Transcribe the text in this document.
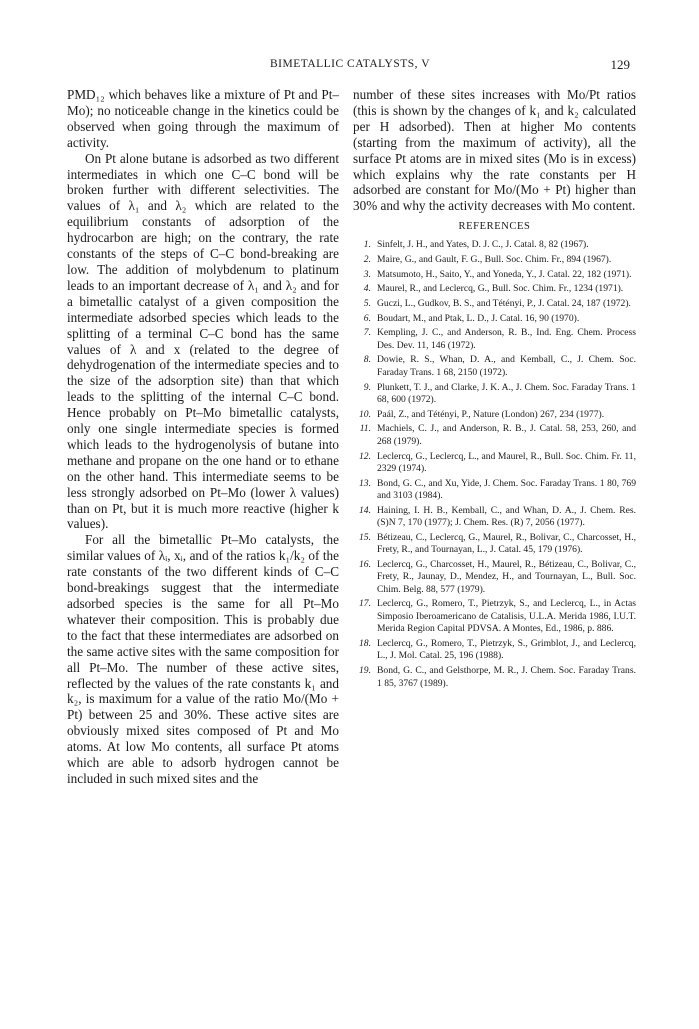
BIMETALLIC CATALYSTS, V	129

PMD₁₂ which behaves like a mixture of Pt and Pt–Mo); no noticeable change in the kinetics could be observed when going through the maximum of activity.

On Pt alone butane is adsorbed as two different intermediates in which one C–C bond will be broken further with different selectivities. The values of λ₁ and λ₂ which are related to the equilibrium constants of adsorption of the hydrocarbon are high; on the contrary, the rate constants of the steps of C–C bond-breaking are low. The addition of molybdenum to platinum leads to an important decrease of λ₁ and λ₂ and for a bimetallic catalyst of a given composition the intermediate adsorbed species which leads to the splitting of a terminal C–C bond has the same values of λ and x (related to the degree of dehydrogenation of the intermediate species and to the size of the adsorption site) than that which leads to the splitting of the internal C–C bond. Hence probably on Pt–Mo bimetallic catalysts, only one single intermediate species is formed which leads to the hydrogenolysis of butane into methane and propane on the one hand or to ethane on the other hand. This intermediate seems to be less strongly adsorbed on Pt–Mo (lower λ values) than on Pt, but it is much more reactive (higher k values).

For all the bimetallic Pt–Mo catalysts, the similar values of λᵢ, xᵢ, and of the ratios k₁/k₂ of the rate constants of the two different kinds of C–C bond-breakings suggest that the intermediate adsorbed species is the same for all Pt–Mo whatever their composition. This is probably due to the fact that these intermediates are adsorbed on the same active sites with the same composition for all Pt–Mo. The number of these active sites, reflected by the values of the rate constants k₁ and k₂, is maximum for a value of the ratio Mo/(Mo + Pt) between 25 and 30%. These active sites are obviously mixed sites composed of Pt and Mo atoms. At low Mo contents, all surface Pt atoms which are able to adsorb hydrogen cannot be included in such mixed sites and the

number of these sites increases with Mo/Pt ratios (this is shown by the changes of k₁ and k₂ calculated per H adsorbed). Then at higher Mo contents (starting from the maximum of activity), all the surface Pt atoms are in mixed sites (Mo is in excess) which explains why the rate constants per H adsorbed are constant for Mo/(Mo + Pt) higher than 30% and why the activity decreases with Mo content.

REFERENCES
1. Sinfelt, J. H., and Yates, D. J. C., J. Catal. 8, 82 (1967).
2. Maire, G., and Gault, F. G., Bull. Soc. Chim. Fr., 894 (1967).
3. Matsumoto, H., Saito, Y., and Yoneda, Y., J. Catal. 22, 182 (1971).
4. Maurel, R., and Leclercq, G., Bull. Soc. Chim. Fr., 1234 (1971).
5. Guczi, L., Gudkov, B. S., and Tétényi, P., J. Catal. 24, 187 (1972).
6. Boudart, M., and Ptak, L. D., J. Catal. 16, 90 (1970).
7. Kempling, J. C., and Anderson, R. B., Ind. Eng. Chem. Process Des. Dev. 11, 146 (1972).
8. Dowie, R. S., Whan, D. A., and Kemball, C., J. Chem. Soc. Faraday Trans. 1 68, 2150 (1972).
9. Plunkett, T. J., and Clarke, J. K. A., J. Chem. Soc. Faraday Trans. 1 68, 600 (1972).
10. Paál, Z., and Tétényi, P., Nature (London) 267, 234 (1977).
11. Machiels, C. J., and Anderson, R. B., J. Catal. 58, 253, 260, and 268 (1979).
12. Leclercq, G., Leclercq, L., and Maurel, R., Bull. Soc. Chim. Fr. 11, 2329 (1974).
13. Bond, G. C., and Xu, Yide, J. Chem. Soc. Faraday Trans. 1 80, 769 and 3103 (1984).
14. Haining, I. H. B., Kemball, C., and Whan, D. A., J. Chem. Res. (S)N 7, 170 (1977); J. Chem. Res. (R) 7, 2056 (1977).
15. Bétizeau, C., Leclercq, G., Maurel, R., Bolivar, C., Charcosset, H., Frety, R., and Tournayan, L., J. Catal. 45, 179 (1976).
16. Leclercq, G., Charcosset, H., Maurel, R., Bétizeau, C., Bolivar, C., Frety, R., Jaunay, D., Mendez, H., and Tournayan, L., Bull. Soc. Chim. Belg. 88, 577 (1979).
17. Leclercq, G., Romero, T., Pietrzyk, S., and Leclercq, L., in Actas Simposio Iberoamericano de Catalisis, U.L.A. Merida 1986, I.U.T. Merida Region Capital PDVSA. A Montes, Ed., 1986, p. 886.
18. Leclercq, G., Romero, T., Pietrzyk, S., Grimblot, J., and Leclercq, L., J. Mol. Catal. 25, 196 (1988).
19. Bond, G. C., and Gelsthorpe, M. R., J. Chem. Soc. Faraday Trans. 1 85, 3767 (1989).
